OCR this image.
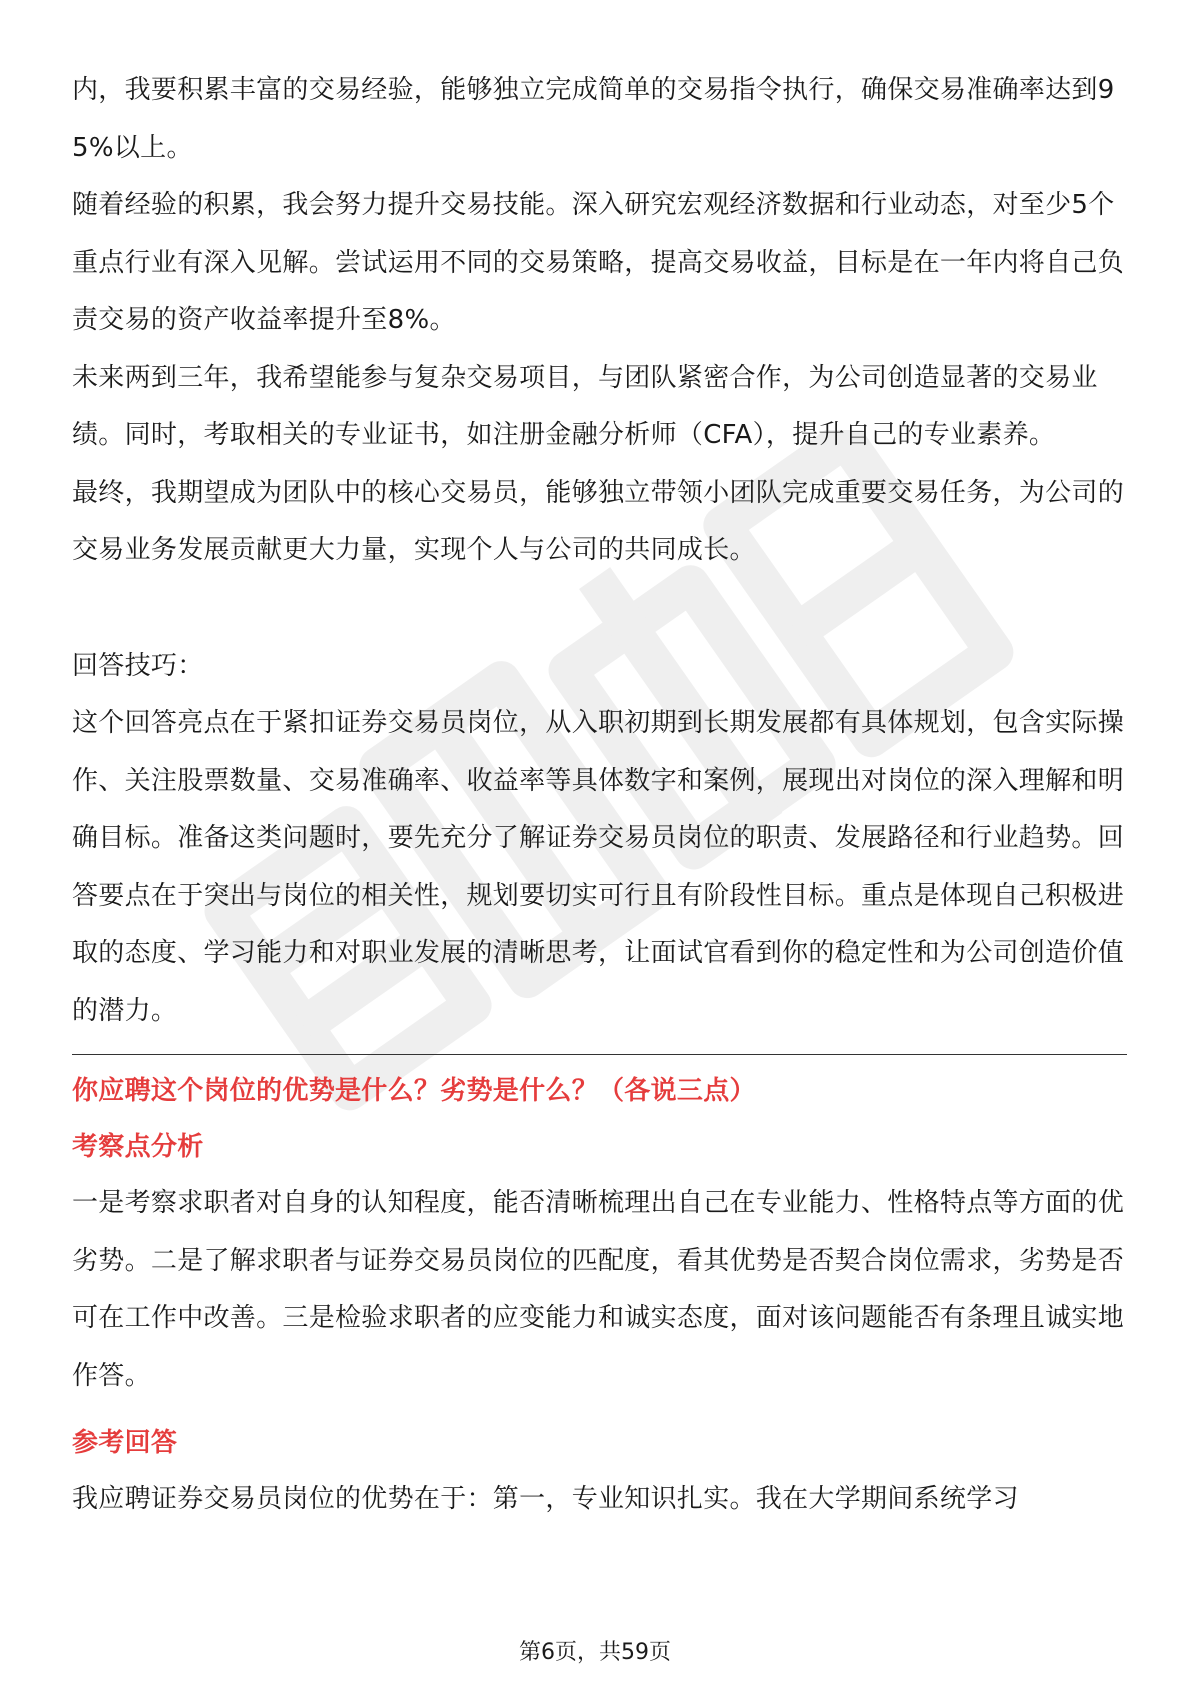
内，我要积累丰富的交易经验，能够独立完成简单的交易指令执行，确保交易准确率达到95%以上。

随着经验的积累，我会努力提升交易技能。深入研究宏观经济数据和行业动态，对至少5个重点行业有深入见解。尝试运用不同的交易策略，提高交易收益，目标是在一年内将自己负责交易的资产收益率提升至8%。

未来两到三年，我希望能参与复杂交易项目，与团队紧密合作，为公司创造显著的交易业绩。同时，考取相关的专业证书，如注册金融分析师（CFA），提升自己的专业素养。

最终，我期望成为团队中的核心交易员，能够独立带领小团队完成重要交易任务，为公司的交易业务发展贡献更大力量，实现个人与公司的共同成长。

回答技巧：

这个回答亮点在于紧扣证券交易员岗位，从入职初期到长期发展都有具体规划，包含实际操作、关注股票数量、交易准确率、收益率等具体数字和案例，展现出对岗位的深入理解和明确目标。准备这类问题时，要先充分了解证券交易员岗位的职责、发展路径和行业趋势。回答要点在于突出与岗位的相关性，规划要切实可行且有阶段性目标。重点是体现自己积极进取的态度、学习能力和对职业发展的清晰思考，让面试官看到你的稳定性和为公司创造价值的潜力。

你应聘这个岗位的优势是什么？劣势是什么？（各说三点）

考察点分析

一是考察求职者对自身的认知程度，能否清晰梳理出自己在专业能力、性格特点等方面的优劣势。二是了解求职者与证券交易员岗位的匹配度，看其优势是否契合岗位需求，劣势是否可在工作中改善。三是检验求职者的应变能力和诚实态度，面对该问题能否有条理且诚实地作答。

参考回答

我应聘证券交易员岗位的优势在于：第一，专业知识扎实。我在大学期间系统学习

第6页，共59页
